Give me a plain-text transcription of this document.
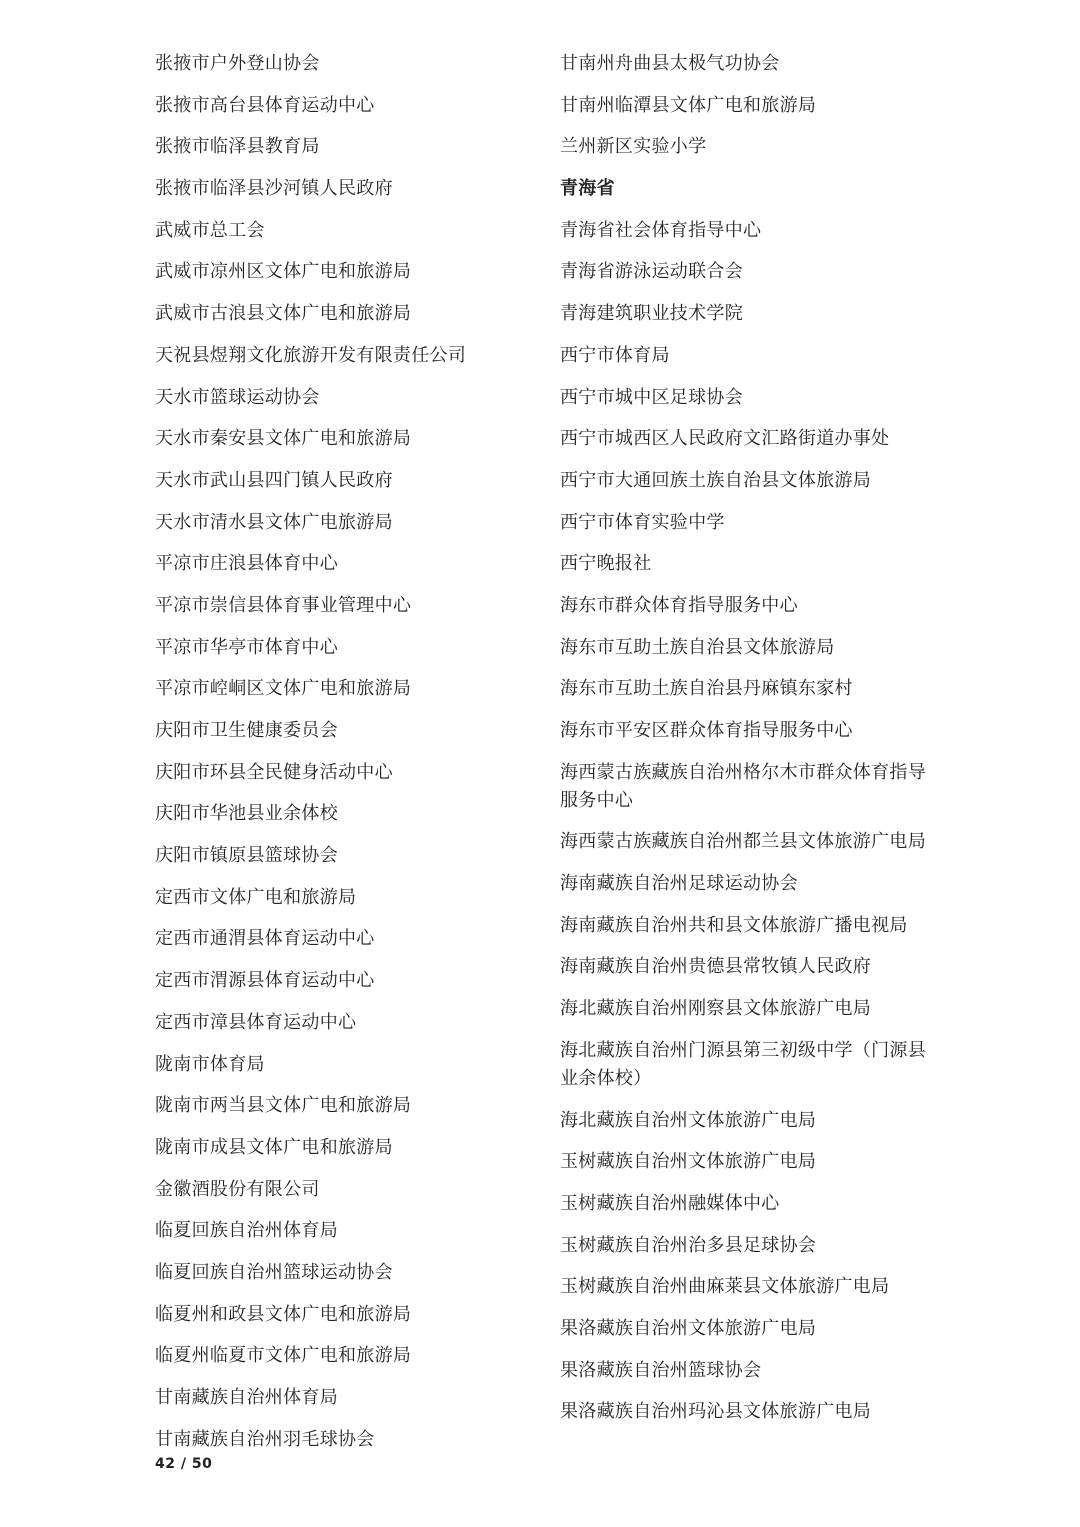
张掖市户外登山协会
张掖市高台县体育运动中心
张掖市临泽县教育局
张掖市临泽县沙河镇人民政府
武威市总工会
武威市凉州区文体广电和旅游局
武威市古浪县文体广电和旅游局
天祝县煜翔文化旅游开发有限责任公司
天水市篮球运动协会
天水市秦安县文体广电和旅游局
天水市武山县四门镇人民政府
天水市清水县文体广电旅游局
平凉市庄浪县体育中心
平凉市崇信县体育事业管理中心
平凉市华亭市体育中心
平凉市崆峒区文体广电和旅游局
庆阳市卫生健康委员会
庆阳市环县全民健身活动中心
庆阳市华池县业余体校
庆阳市镇原县篮球协会
定西市文体广电和旅游局
定西市通渭县体育运动中心
定西市渭源县体育运动中心
定西市漳县体育运动中心
陇南市体育局
陇南市两当县文体广电和旅游局
陇南市成县文体广电和旅游局
金徽酒股份有限公司
临夏回族自治州体育局
临夏回族自治州篮球运动协会
临夏州和政县文体广电和旅游局
临夏州临夏市文体广电和旅游局
甘南藏族自治州体育局
甘南藏族自治州羽毛球协会
甘南州舟曲县太极气功协会
甘南州临潭县文体广电和旅游局
兰州新区实验小学
青海省
青海省社会体育指导中心
青海省游泳运动联合会
青海建筑职业技术学院
西宁市体育局
西宁市城中区足球协会
西宁市城西区人民政府文汇路街道办事处
西宁市大通回族土族自治县文体旅游局
西宁市体育实验中学
西宁晚报社
海东市群众体育指导服务中心
海东市互助土族自治县文体旅游局
海东市互助土族自治县丹麻镇东家村
海东市平安区群众体育指导服务中心
海西蒙古族藏族自治州格尔木市群众体育指导服务中心
海西蒙古族藏族自治州都兰县文体旅游广电局
海南藏族自治州足球运动协会
海南藏族自治州共和县文体旅游广播电视局
海南藏族自治州贵德县常牧镇人民政府
海北藏族自治州刚察县文体旅游广电局
海北藏族自治州门源县第三初级中学（门源县业余体校）
海北藏族自治州文体旅游广电局
玉树藏族自治州文体旅游广电局
玉树藏族自治州融媒体中心
玉树藏族自治州治多县足球协会
玉树藏族自治州曲麻莱县文体旅游广电局
果洛藏族自治州文体旅游广电局
果洛藏族自治州篮球协会
果洛藏族自治州玛沁县文体旅游广电局
42 / 50
